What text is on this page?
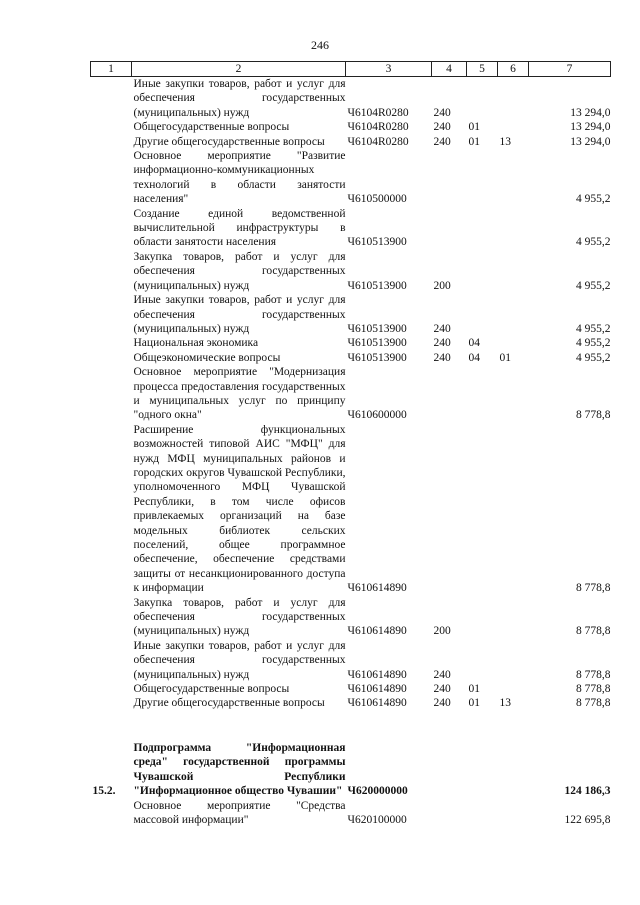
246
1	2	3	4	5	6	7
	Иные закупки товаров, работ и услуг для обеспечения государственных (муниципальных) нужд	Ч6104R0280	240			13 294,0
	Общегосударственные вопросы	Ч6104R0280	240	01		13 294,0
	Другие общегосударственные вопросы	Ч6104R0280	240	01	13	13 294,0
	Основное мероприятие "Развитие информационно-коммуникационных технологий в области занятости населения"	Ч610500000				4 955,2
	Создание единой ведомственной вычислительной инфраструктуры в области занятости населения	Ч610513900				4 955,2
	Закупка товаров, работ и услуг для обеспечения государственных (муниципальных) нужд	Ч610513900	200			4 955,2
	Иные закупки товаров, работ и услуг для обеспечения государственных (муниципальных) нужд	Ч610513900	240			4 955,2
	Национальная экономика	Ч610513900	240	04		4 955,2
	Общеэкономические вопросы	Ч610513900	240	04	01	4 955,2
	Основное мероприятие "Модернизация процесса предоставления государственных и муниципальных услуг по принципу "одного окна"	Ч610600000				8 778,8
	Расширение функциональных возможностей типовой АИС "МФЦ" для нужд МФЦ муниципальных районов и городских округов Чувашской Республики, уполномоченного МФЦ Чувашской Республики, в том числе офисов привлекаемых организаций на базе модельных библиотек сельских поселений, общее программное обеспечение, обеспечение средствами защиты от несанкционированного доступа к информации	Ч610614890				8 778,8
	Закупка товаров, работ и услуг для обеспечения государственных (муниципальных) нужд	Ч610614890	200			8 778,8
	Иные закупки товаров, работ и услуг для обеспечения государственных (муниципальных) нужд	Ч610614890	240			8 778,8
	Общегосударственные вопросы	Ч610614890	240	01		8 778,8
	Другие общегосударственные вопросы	Ч610614890	240	01	13	8 778,8

15.2.	Подпрограмма "Информационная среда" государственной программы Чувашской Республики "Информационное общество Чувашии"	Ч620000000				124 186,3
	Основное мероприятие "Средства массовой информации"	Ч620100000				122 695,8
